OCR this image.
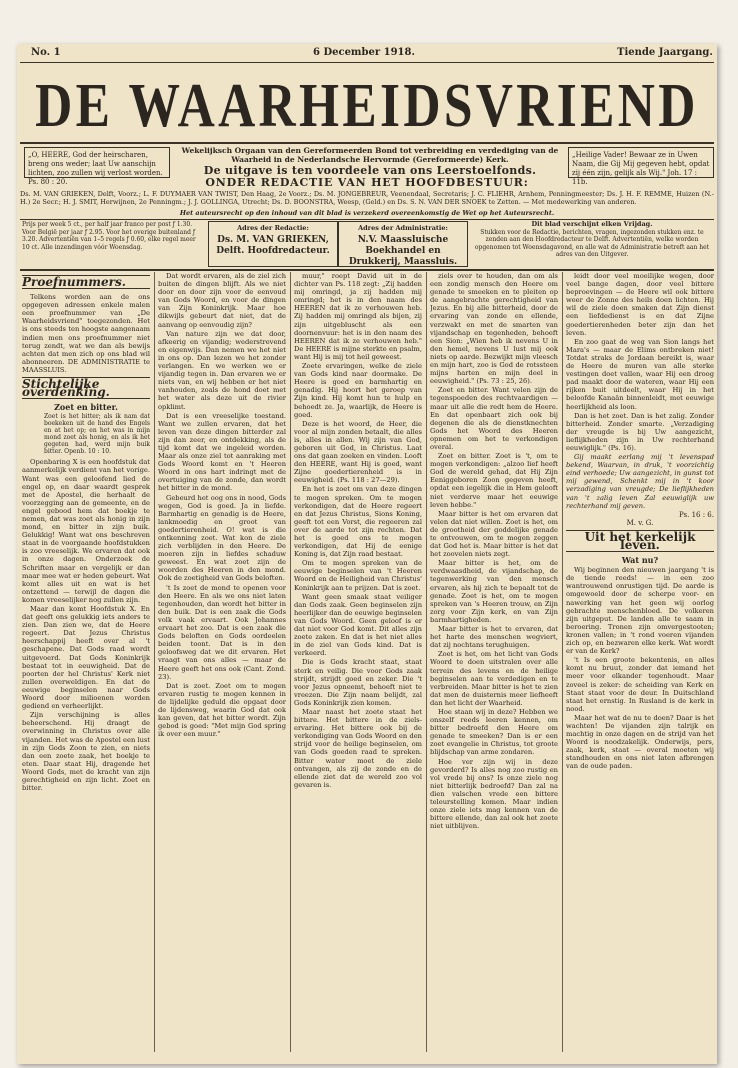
No. 1	6 December 1918.	Tiende Jaargang.
DE WAARHEIDSVRIEND
„O, HEERE, God der heirscharen, breng ons weder; laat Uw aanschijn lichten, zoo zullen wij verlost worden. Ps. 80 : 20.
„Heilige Vader! Bewaar ze in Uwen Naam, die Gij Mij gegeven hebt, opdat zij één zijn, gelijk als Wij." Joh. 17 : 11b.
Wekelijksch Orgaan van den Gereformeerden Bond tot verbreiding en verdediging van de
Waarheid in de Nederlandsche Hervormde (Gereformeerde) Kerk.
De uitgave is ten voordeele van ons Leerstoelfonds.
ONDER REDACTIE VAN HET HOOFDBESTUUR:
Ds. M. VAN GRIEKEN, Delft, Voorz.; L. F. DUYMAER VAN TWIST, Den Haag, 2e Voorz.; Ds. M. JONGEBREUR, Veenendaal, Secretaris; J. C. FLIEHR, Arnhem, Penningmeester; Ds. J. H. F. REMME, Huizen (N.-H.) 2e Secr.; H. J. SMIT, Herwijnen, 2e Penningm.; J. J. GOLLINGA, Utrecht; Ds. D. BOONSTRA, Weesp, (Geld.) en Ds. S. N. VAN DER SNOEK te Zetten. — Met medewerking van anderen.
Het auteursrecht op den inhoud van dit blad is verzekerd overeenkomstig de Wet op het Auteursrecht.
Prijs per week 5 ct., per half jaar franco per post ƒ 1.30. Voor België per jaar ƒ 2.95. Voor het overige buitenland ƒ 3.20. Advertentiën van 1–5 regels ƒ 0.60, elke regel meer 10 ct. Alle inzendingen vóór Woensdag.
Adres der Redactie:
Ds. M. VAN GRIEKEN, Delft. Hoofdredacteur.
Adres der Administratie:
N.V. Maassluische Boekhandel en Drukkerij, Maassluis.
Dit blad verschijnt elken Vrijdag.
Stukken voor de Redactie, berichten, vragen, ingezonden stukken enz. te zenden aan den Hoofdredacteur te Delft. Advertentiën, welke worden opgenomen tot Woensdagavond, en alle wat de Administratie betreft aan het adres van den Uitgever.
Proefnummers.

Telkens worden aan de ons opgegeven adressen enkele malen een proefnummer van „De Waarheidsvriend" toegezonden. Het is ons steeds ten hoogste aangenaam indien men ons proefnummer niet terug zendt, wat we dan als bewijs achten dat men zich op ons blad wil abonneeren. DE ADMINISTRATIE te MAASSLUIS.

Stichtelijke overdenking.
Zoet en bitter.
Zoet is het bitter; als ik nam dat boekeken uit de hand des Engels en at het op; en het was in mijn mond zoet als honig, en als ik het gegeten had, werd mijn buik bitter. Openb. 10 : 10.

Openbaring X is een hoofdstuk dat aanmerkelijk verdient van het vorige. Want was een geloofend lied de engel op, en daar waardt gesprek met de Apostel, die herhaalt de voorzegging aan de gemeente, en de engel gebood hem dat boekje te nemen, dat was zoet als honig in zijn mond, en bitter in zijn buik. Gelukkig! Want wat ons beschreven staat in de voorgaande hoofdstukken is zoo vreeselijk. We ervaren dat ook in onze dagen. Onderzoek de Schriften maar en vergelijk er dan maar mee wat er heden gebeurt. Wat komt alles uit en wat is het ontzettend — terwijl de dagen die komen vreeselijker nog zullen zijn.

Maar dan komt Hoofdstuk X. En dat geeft ons gelukkig iets anders te zien. Dan zien we, dat de Heere regeert. Dat Jezus Christus heerschappij heeft over al 't geschapene. Dat Gods raad wordt uitgevoerd. Dat Gods Koninkrijk bestaat tot in eeuwigheid. Dat de poorten der hel Christus' Kerk niet zullen overweldigen. En dat de eeuwige beginselen naar Gods Woord door milioenen worden gediend en verheerlijkt.

Zijn verschijning is alles beheerschend. Hij draagt de overwinning in Christus over alle vijanden. Het was de Apostel een lust in zijn Gods Zoon te zien, en niets dan een zoete zaak, het boekje te eten. Daar staat Hij, dragende het Woord Gods, met de kracht van zijn gerechtigheid en zijn licht. Zoet en bitter.

Dat wordt ervaren, als de ziel zich buiten de dingen blijft. Als we niet door en door zijn voor de eenvoud van Gods Woord, en voor de dingen van Zijn Koninkrijk. Maar hoe dikwijls gebeurt dat niet, dat de aanvang op eenvoudig zijn?

Van nature zijn we dat door, afkeerig en vijandig; wederstrevend en eigenwijs. Dan nemen we het niet in ons op. Dan lezen we het zonder verlangen. En we werken we er vijandig tegen in. Dan ervaren we er niets van, en wij hebben er het niet vanhouden, zoals de hond doet met het water als deze uit de rivier opklimt.

Dat is een vreeselijke toestand. Want we zullen ervaren, dat het leven van deze dingen bitterder zal zijn dan zeer, en ontdekking, als de tijd komt dat we ingeleid worden. Maar als onze ziel tot aanraking met Gods Woord komt en 't Heeren Woord in ons hart indringt met de overtuiging van de zonde, dan wordt het bitter in de mond.

Gebeurd het oog ons in nood, Gods wegen, God is goed. Ja in liefde. Barmhartig en genadig is de Heere, lankmoedig en groot van goedertierenheid. O! wat is die ontkenning zoet. Wat kon de ziele zich verblijden in den Heere. De moeren zijn in liefdes schaduw geweest. En wat zoet zijn de woorden des Heeren in den mond. Ook de zoetigheid van Gods beloften.

't Is zoet de mond te openen voor den Heere. En als we ons niet laten tegenhouden, dan wordt het bitter in den buik. Dat is een zaak die Gods volk vaak ervaart. Ook Johannes ervaart het zoo. Dat is een zaak die Gods beloften en Gods oordeelen beiden toont. Dat is in den geloofsweg dat we dit ervaren. Het vraagt van ons alles — maar de Heere geeft het ons ook (Cant. Zond. 23).

Dat is zoet. Zoet om te mogen ervaren rustig te mogen kennen in de lijdelijke geduld die opgaat door de lijdensweg, waarin God dat ook kan geven, dat het bitter wordt. Zijn gebod is goed: "Met mijn God spring ik over een muur."

muur," roept David uit in de dichter van Ps. 118 zegt: „Zij hadden mij omringd, ja zij hadden mij omringd; het is in den naam des HEEREN dat ik ze verhouwen heb. Zij hadden mij omringd als bijen, zij zijn uitgebluscht als een doornenvuur: het is in den naam des HEEREN dat ik ze verhouwen heb." De HEERE is mijne sterkte en psalm, want Hij is mij tot heil geweest.

Zoete ervaringen, welke de ziele van Gods kind naar doormake. De Heere is goed en barmhartig en genadig. Hij hoort het geroep van Zijn kind. Hij komt hun te hulp en behoedt ze. Ja, waarlijk, de Heere is goed.

Deze is het woord, de Heer, die voor al mijn zonden betaalt, die alles is, alles in allen. Wij zijn van God, geboren uit God, in Christus. Laat ons dat gaan zoeken en vinden. Looft den HEERE, want Hij is goed, want Zijne goedertierenheid is in eeuwigheid. (Ps. 118 : 27—29).

En het is zoet om van deze dingen te mogen spreken. Om te mogen verkondigen, dat de Heere regeert en dat Jezus Christus, Sions Koning, geeft tot een Vorst, die regeeren zal over de aarde tot zijn rechten. Dat het is goed ons te mogen verkondigen, dat Hij de eenige Koning is, dat Zijn raad bestaat.

Om te mogen spreken van de eeuwige beginselen van 't Heeren Woord en de Heiligheid van Christus' Koninkrijk aan te prijzen. Dat is zoet.

Want geen smaak staat veiliger dan Gods zaak. Geen beginselen zijn heerlijker dan de eeuwige beginselen van Gods Woord. Geen geloof is er dat niet voor God komt. Dit alles zijn zoete zaken. En dat is het niet alles in de ziel van Gods kind. Dat is verkeerd.

Die is Gods kracht staat, staat sterk en veilig. Die voor Gods zaak strijdt, strijdt goed en zeker. Die 't voor Jezus opneemt, behoeft niet te vreezen. Die Zijn naam belijdt, zal Gods Koninkrijk zien komen.

Maar naast het zoete staat het bittere. Het bittere in de ziels-ervaring. Het bittere ook bij de verkondiging van Gods Woord en den strijd voor de heilige beginselen, om van Gods goeden raad te spreken. Bitter water moet de ziele ontvangen, als zij de zonde en de ellende ziet dat de wereld zoo vol gevaren is.

ziels over te houden, dan om als een zondig mensch den Heere om genade te smeeken en te pleiten op de aangebrachte gerechtigheid van Jezus. En bij alle bitterheid, door de ervaring van zonde en ellende, verzwakt en met de smarten van vijandschap en tegenheden, behoeft een Sion: „Wien heb ik nevens U in den hemel, nevens U lust mij ook niets op aarde. Bezwijkt mijn vleesch en mijn hart, zoo is God de rotssteen mijns harten en mijn deel in eeuwigheid." (Ps. 73 : 25, 26).

Zoet en bitter. Want velen zijn de tegenspoeden des rechtvaardigen — maar uit alle die redt hem de Heere. En dat openbaart zich ook bij degenen die als de dienstknechten Gods het Woord des Heeren opnemen om het te verkondigen overal.

Zoet en bitter. Zoet is 't, om te mogen verkondigen: „alzoo lief heeft God de wereld gehad, dat Hij Zijn Eeniggeboren Zoon gegeven heeft, opdat een iegelijk die in Hem gelooft niet verderve maar het eeuwige leven hebbe."

Maar bitter is het om ervaren dat velen dat niet willen. Zoet is het, om de grootheid der goddelijke genade te ontvouwen, om te mogen zeggen dat God het is. Maar bitter is het dat het zoovelen niets zegt.

Maar bitter is het, om de verdwaasdheid, de vijandschap, de tegenwerking van den mensch ervaren, als hij zich te bepaalt tot de genade. Zoet is het, om te mogen spreken van 's Heeren trouw, en Zijn zorg voor Zijn kerk, en van Zijn barmhartigheden.

Maar bitter is het te ervaren, dat het harte des menschen wegviert, dat zij nochtans terughuigen.

Zoet is het, om het licht van Gods Woord te doen uitstralen over alle terrein des levens en de heilige beginselen aan te verdedigen en te verbreiden. Maar bitter is het te zien dat men de duisternis meer liefheeft dan het licht der Waarheid.

Hoe staan wij in deze? Hebben we onszelf reeds leeren kennen, om bitter bedroefd den Heere om genade te smeeken? Dan is er een zoet evangelie in Christus, tot groote blijdschap van arme zondaren.

Hoe ver zijn wij in deze gevorderd? Is alles nog zoo rustig en vol vrede bij ons? Is onze ziele nog niet bitterlijk bedroefd? Dan zal na dien valschen vrede een bittere teleurstelling komen. Maar indien onze ziele iets mag kennen van de bittere ellende, dan zal ook het zoete niet uitblijven.

leidt door veel moeilijke wegen, door veel bange dagen, door veel bittere beproevingen — de Heere wil ook bittere weer de Zonne des heils doen lichten. Hij wil de ziele doen smaken dat Zijn dienst een liefdedienst is en dat Zijne goedertierenheden beter zijn dan het leven.

En zoo gaat de weg van Sion langs het Mara's — maar de Elims ontbreken niet! Totdat straks de Jordaan bereikt is, waar de Heere de muren van alle sterke vestingen doet vallen, waar Hij een droog pad maakt door de wateren, waar Hij een rijken buit uitdeelt, waar Hij in het beloofde Kanaän binnenleidt, met eeuwige heerlijkheid als loon.

Dan is het zoet. Dan is het zalig. Zonder bitterheid. Zonder smarte. „Verzadiging der vreugde is bij Uw aangezicht, lieflijkheden zijn in Uw rechterhand eeuwiglijk." (Ps. 16).

Gij maakt eerlang mij 't levenspad bekend, Waarvan, in druk, 't voorzichtig eind verhoede; Uw aangezicht, in gunst tot mij gewend, Schenkt mij in 't koor verzadiging van vreugde; De lieflijkheden van 't zalig leven Zal eeuwiglijk uw rechterhand mij geven.

Ps. 16 : 6.
M. v. G.
Uit het kerkelijk leven.
Wat nu?

Wij beginnen den nieuwen jaargang 't is de tiende reeds! — in een zoo wantrouwend onrustigen tijd. De aarde is omgewoeld door de scherpe voor- en nawerking van het geen wij oorlog gebrachte menschenbloed. De volkeren zijn uitgeput. De landen alle te saam in beroering. Tronen zijn omvergestooten; kronen vallen; in 't rond voeren vijanden zich op, en bezwaren elke kerk. Wat wordt er van de Kerk?

't Is een groote bekentenis, en alles komt nu bruut, zonder dat iemand het meer voor elkander tegenhoudt. Maar zoveel is zeker: de scheiding van Kerk en Staat staat voor de deur. In Duitschland staat het ernstig. In Rusland is de kerk in nood.

Maar het wat de nu te doen? Daar is het wachten! De vijanden zijn talrijk en machtig in onze dagen en de strijd van het Woord is noodzakelijk. Onderwijs, pers, zaak, kerk, staat — overal moeten wij standhouden en ons niet laten afbrengen van de oude paden.
